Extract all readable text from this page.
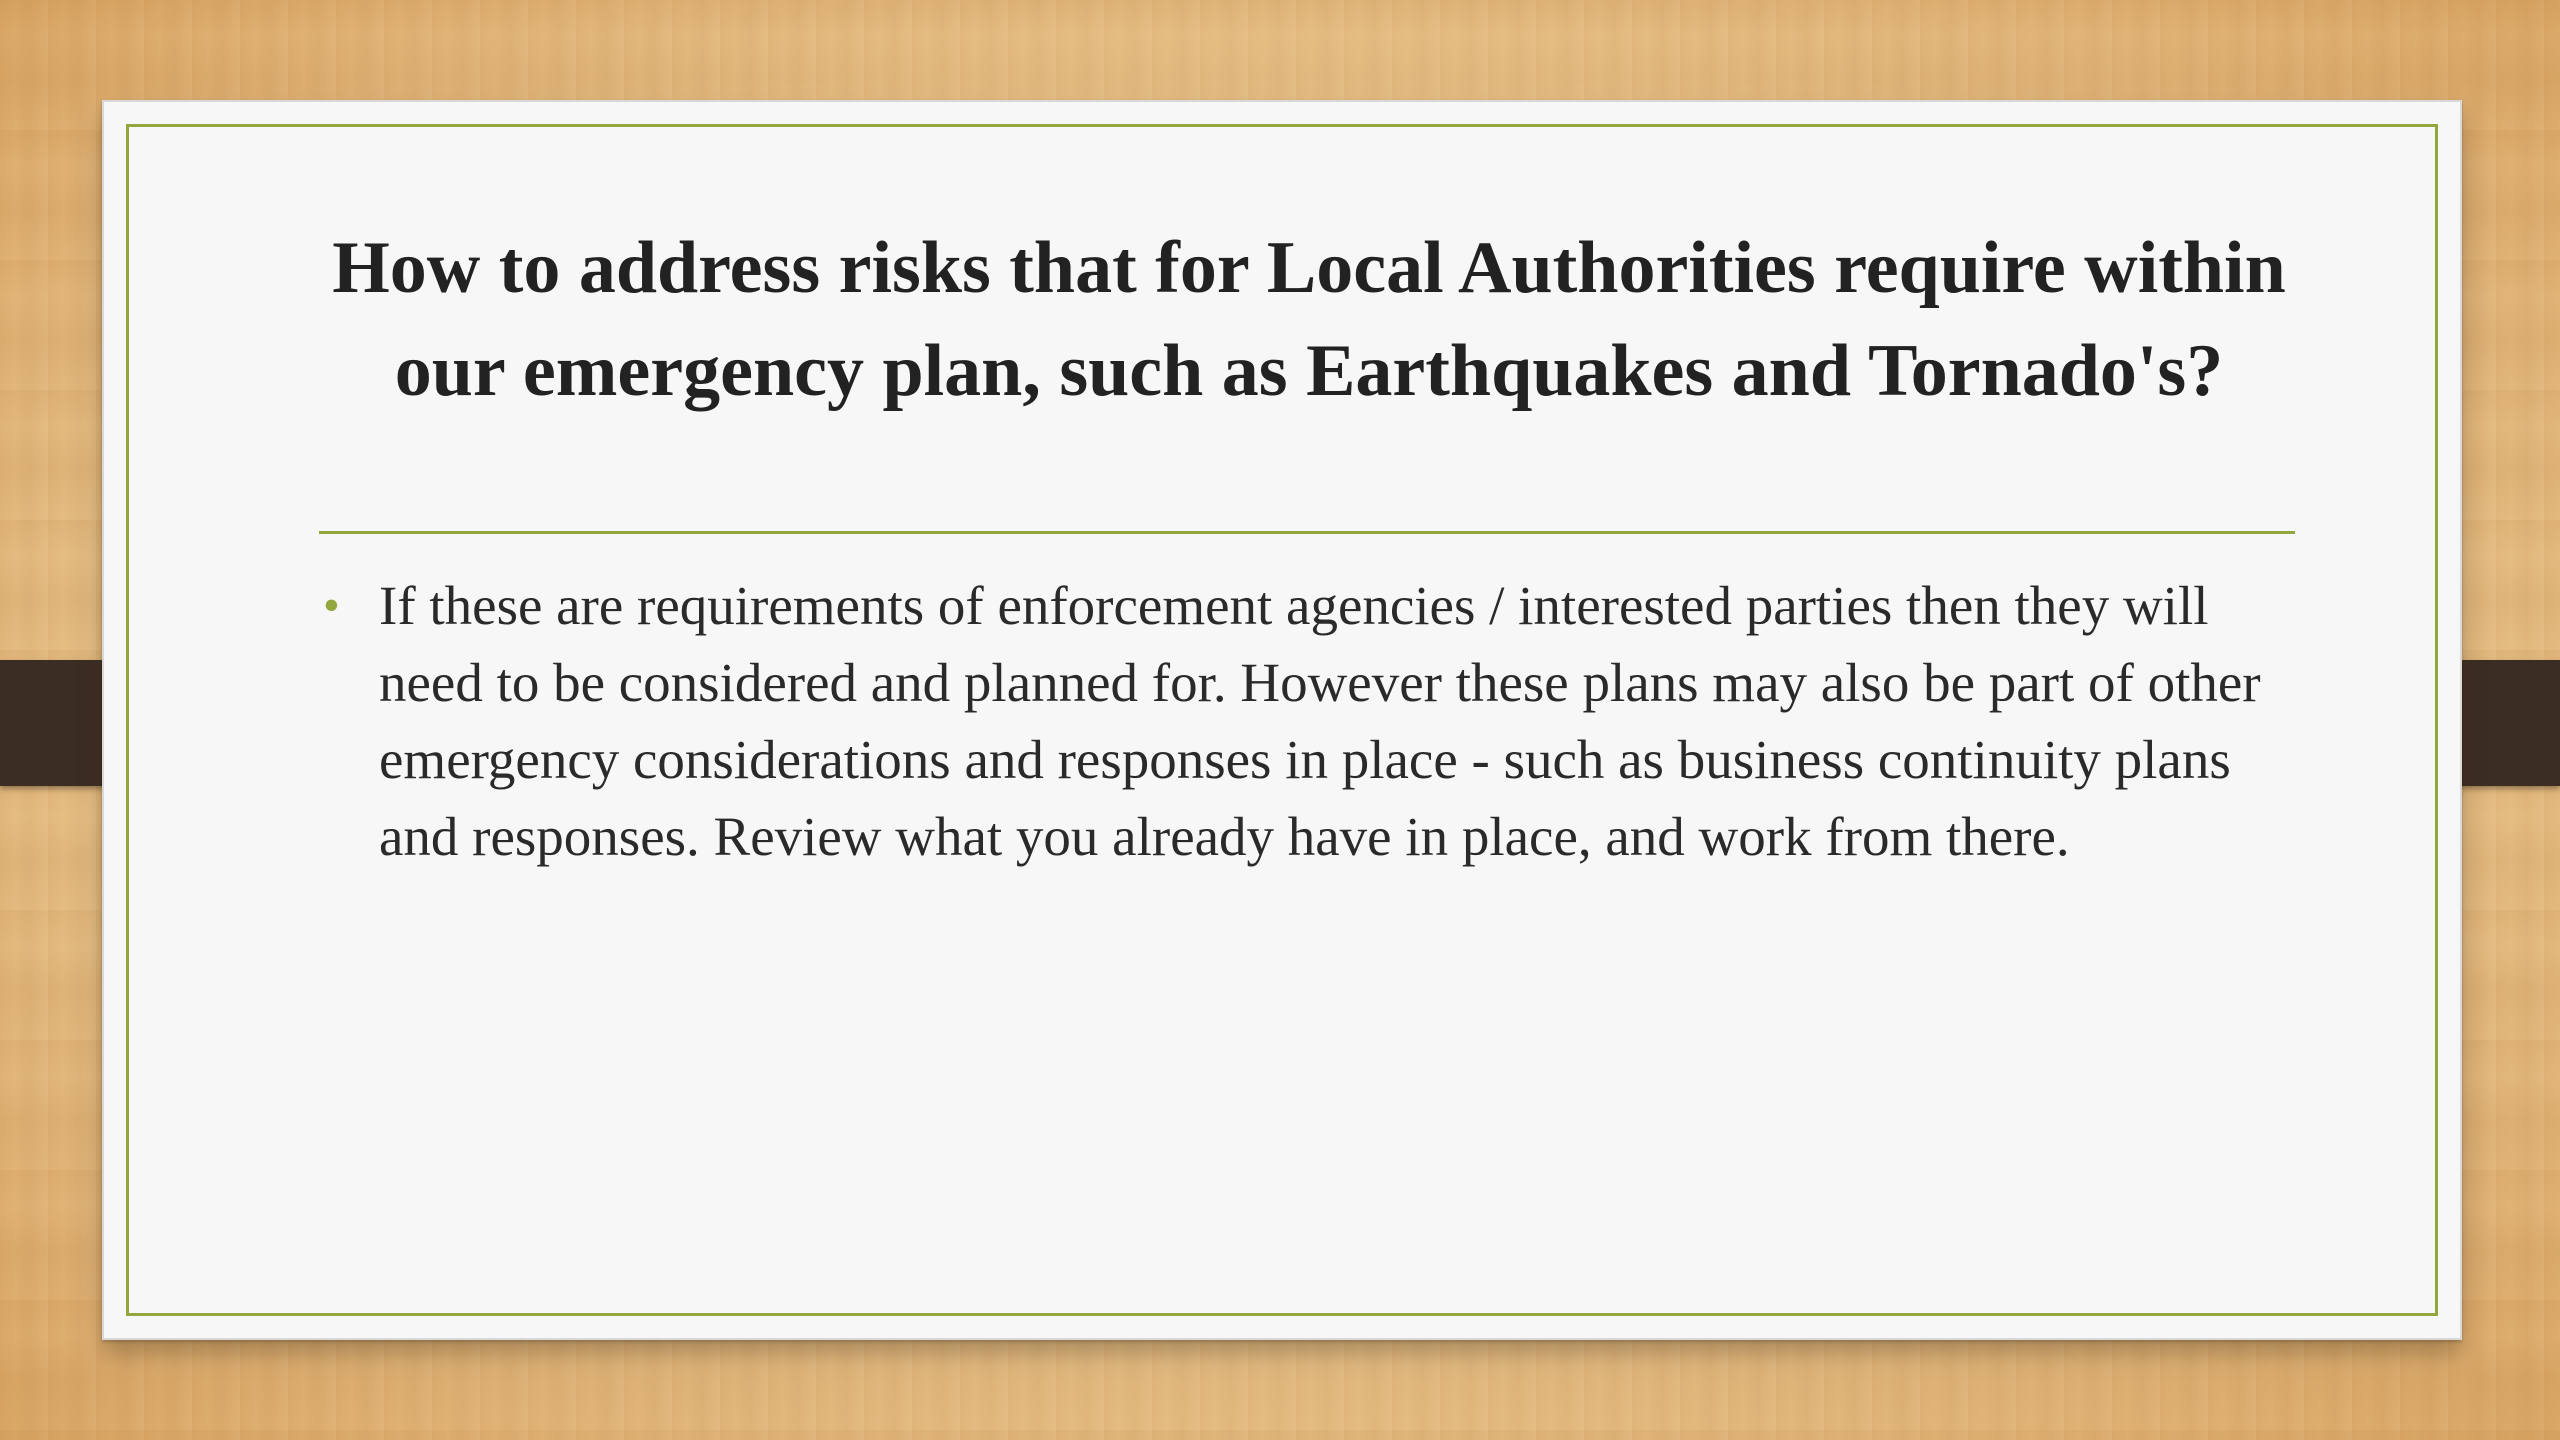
How to address risks that for Local Authorities require within our emergency plan, such as Earthquakes and Tornado's?
• If these are requirements of enforcement agencies / interested parties then they will need to be considered and planned for. However these plans may also be part of other emergency considerations and responses in place - such as business continuity plans and responses. Review what you already have in place, and work from there.
